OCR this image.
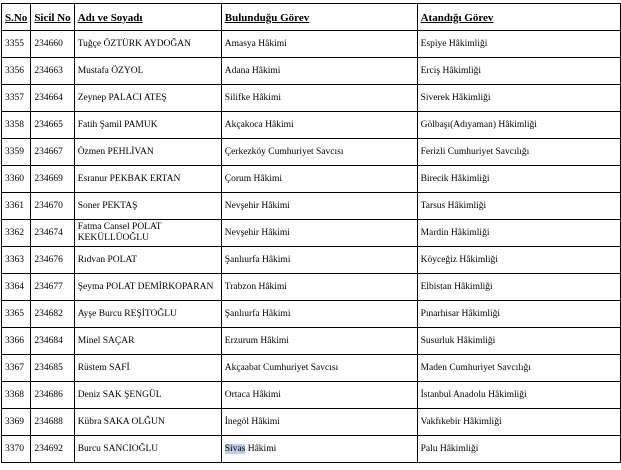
S.No	Sicil No	Adı ve Soyadı	Bulunduğu Görev	Atandığı Görev
3355	234660	Tuğçe ÖZTÜRK AYDOĞAN	Amasya Hâkimi	Espiye Hâkimliği
3356	234663	Mustafa ÖZYOL	Adana Hâkimi	Erciş Hâkimliği
3357	234664	Zeynep PALACI ATEŞ	Silifke Hâkimi	Siverek Hâkimliği
3358	234665	Fatih Şamil PAMUK	Akçakoca Hâkimi	Gölbaşı(Adıyaman) Hâkimliği
3359	234667	Özmen PEHLİVAN	Çerkezköy Cumhuriyet Savcısı	Ferizli Cumhuriyet Savcılığı
3360	234669	Esranur PEKBAK ERTAN	Çorum Hâkimi	Birecik Hâkimliği
3361	234670	Soner PEKTAŞ	Nevşehir Hâkimi	Tarsus Hâkimliği
3362	234674	Fatma Cansel POLAT KEKÜLLÜOĞLU	Nevşehir Hâkimi	Mardin Hâkimliği
3363	234676	Rıdvan POLAT	Şanlıurfa Hâkimi	Köyceğiz Hâkimliği
3364	234677	Şeyma POLAT DEMİRKOPARAN	Trabzon Hâkimi	Elbistan Hâkimliği
3365	234682	Ayşe Burcu REŞİTOĞLU	Şanlıurfa Hâkimi	Pınarhisar Hâkimliği
3366	234684	Minel SAÇAR	Erzurum Hâkimi	Susurluk Hâkimliği
3367	234685	Rüstem SAFİ	Akçaabat Cumhuriyet Savcısı	Maden Cumhuriyet Savcılığı
3368	234686	Deniz SAK ŞENGÜL	Ortaca Hâkimi	İstanbul Anadolu Hâkimliği
3369	234688	Kübra SAKA OLĞUN	İnegöl Hâkimi	Vakfıkebir Hâkimliği
3370	234692	Burcu SANCIOĞLU	Sivas Hâkimi	Palu Hâkimliği
